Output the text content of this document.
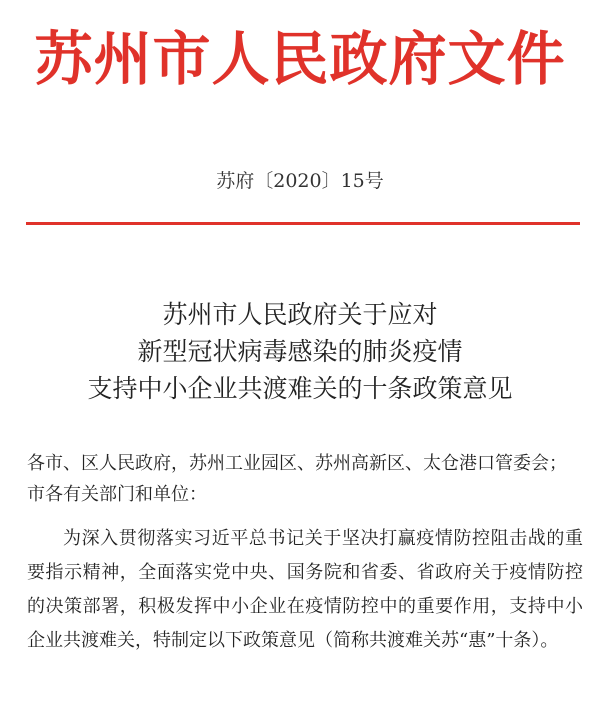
苏州市人民政府文件
苏府〔2020〕15号
苏州市人民政府关于应对
新型冠状病毒感染的肺炎疫情
支持中小企业共渡难关的十条政策意见
各市、区人民政府，苏州工业园区、苏州高新区、太仓港口管委会；市各有关部门和单位：
为深入贯彻落实习近平总书记关于坚决打赢疫情防控阻击战的重要指示精神，全面落实党中央、国务院和省委、省政府关于疫情防控的决策部署，积极发挥中小企业在疫情防控中的重要作用，支持中小企业共渡难关，特制定以下政策意见（简称共渡难关苏“惠”十条）。
